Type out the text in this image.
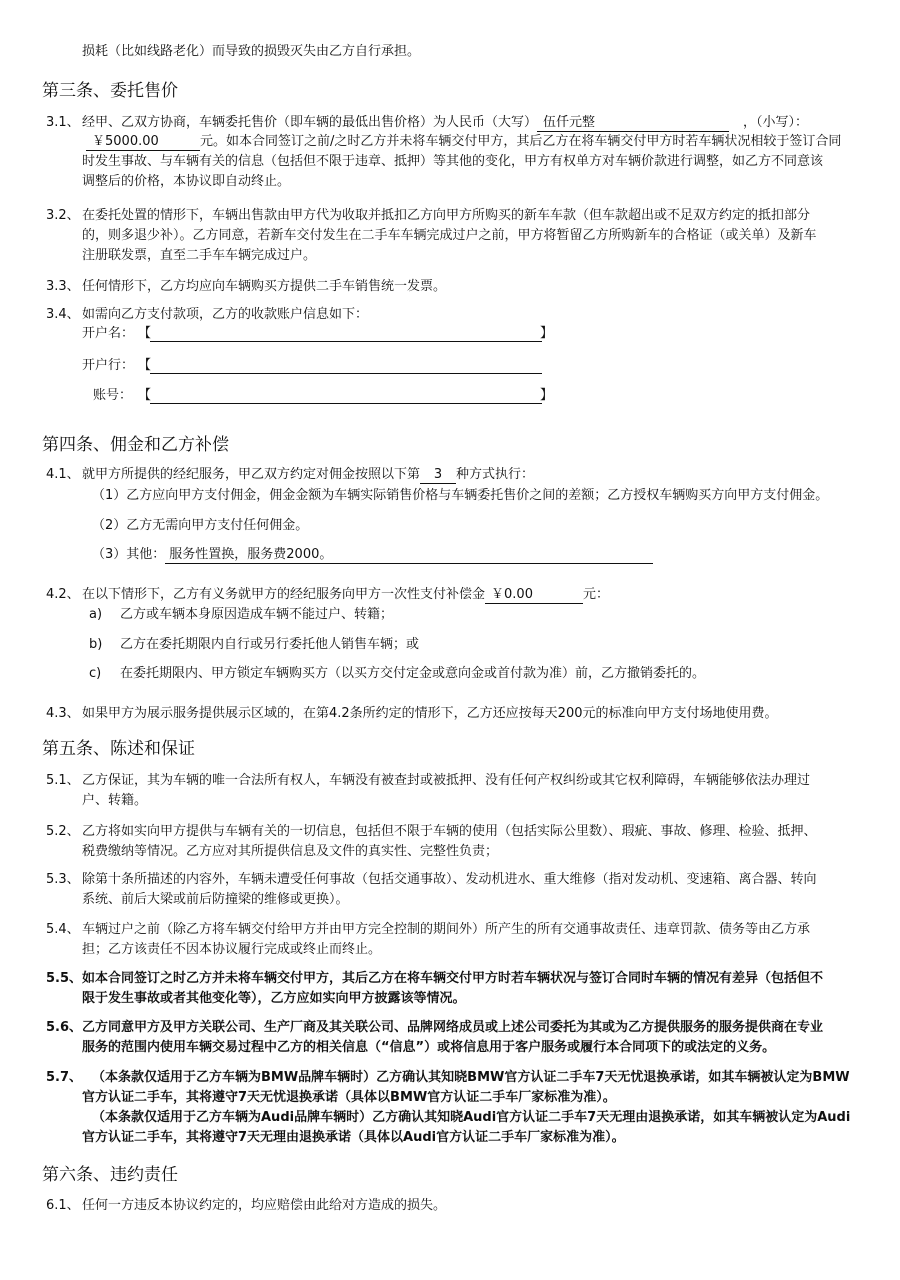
损耗（比如线路老化）而导致的损毁灭失由乙方自行承担。
第三条、委托售价
3.1、 经甲、乙双方协商，车辆委托售价（即车辆的最低出售价格）为人民币（大写） 伍仟元整	，（小写）：
￥5000.00	元。如本合同签订之前/之时乙方并未将车辆交付甲方，其后乙方在将车辆交付甲方时若车辆状况相较于签订合同
时发生事故、与车辆有关的信息（包括但不限于违章、抵押）等其他的变化，甲方有权单方对车辆价款进行调整，如乙方不同意该
调整后的价格，本协议即自动终止。
3.2、 在委托处置的情形下，车辆出售款由甲方代为收取并抵扣乙方向甲方所购买的新车车款（但车款超出或不足双方约定的抵扣部分
的，则多退少补）。乙方同意，若新车交付发生在二手车车辆完成过户之前，甲方将暂留乙方所购新车的合格证（或关单）及新车
注册联发票，直至二手车车辆完成过户。
3.3、 任何情形下，乙方均应向车辆购买方提供二手车销售统一发票。
3.4、 如需向乙方支付款项，乙方的收款账户信息如下：
开户名： 【	】
开户行： 【
账号： 【	】
第四条、佣金和乙方补偿
4.1、 就甲方所提供的经纪服务，甲乙双方约定对佣金按照以下第 3 种方式执行：
（1）乙方应向甲方支付佣金，佣金金额为车辆实际销售价格与车辆委托售价之间的差额；乙方授权车辆购买方向甲方支付佣金。
（2）乙方无需向甲方支付任何佣金。
（3）其他： 服务性置换，服务费2000。
4.2、 在以下情形下，乙方有义务就甲方的经纪服务向甲方一次性支付补偿金 ￥0.00	元：
a) 乙方或车辆本身原因造成车辆不能过户、转籍；
b) 乙方在委托期限内自行或另行委托他人销售车辆；或
c) 在委托期限内、甲方锁定车辆购买方（以买方交付定金或意向金或首付款为准）前，乙方撤销委托的。
4.3、 如果甲方为展示服务提供展示区域的，在第4.2条所约定的情形下，乙方还应按每天200元的标准向甲方支付场地使用费。
第五条、陈述和保证
5.1、 乙方保证，其为车辆的唯一合法所有权人，车辆没有被查封或被抵押、没有任何产权纠纷或其它权利障碍，车辆能够依法办理过
户、转籍。
5.2、 乙方将如实向甲方提供与车辆有关的一切信息，包括但不限于车辆的使用（包括实际公里数）、瑕疵、事故、修理、检验、抵押、
税费缴纳等情况。乙方应对其所提供信息及文件的真实性、完整性负责；
5.3、 除第十条所描述的内容外，车辆未遭受任何事故（包括交通事故）、发动机进水、重大维修（指对发动机、变速箱、离合器、转向
系统、前后大梁或前后防撞梁的维修或更换）。
5.4、 车辆过户之前（除乙方将车辆交付给甲方并由甲方完全控制的期间外）所产生的所有交通事故责任、违章罚款、债务等由乙方承
担；乙方该责任不因本协议履行完成或终止而终止。
5.5、 如本合同签订之时乙方并未将车辆交付甲方，其后乙方在将车辆交付甲方时若车辆状况与签订合同时车辆的情况有差异（包括但不
限于发生事故或者其他变化等），乙方应如实向甲方披露该等情况。
5.6、 乙方同意甲方及甲方关联公司、生产厂商及其关联公司、品牌网络成员或上述公司委托为其或为乙方提供服务的服务提供商在专业
服务的范围内使用车辆交易过程中乙方的相关信息（“信息”）或将信息用于客户服务或履行本合同项下的或法定的义务。
5.7、 （本条款仅适用于乙方车辆为BMW品牌车辆时）乙方确认其知晓BMW官方认证二手车7天无忧退换承诺，如其车辆被认定为BMW
官方认证二手车，其将遵守7天无忧退换承诺（具体以BMW官方认证二手车厂家标准为准）。
（本条款仅适用于乙方车辆为Audi品牌车辆时）乙方确认其知晓Audi官方认证二手车7天无理由退换承诺，如其车辆被认定为Audi
官方认证二手车，其将遵守7天无理由退换承诺（具体以Audi官方认证二手车厂家标准为准）。
第六条、违约责任
6.1、 任何一方违反本协议约定的，均应赔偿由此给对方造成的损失。
